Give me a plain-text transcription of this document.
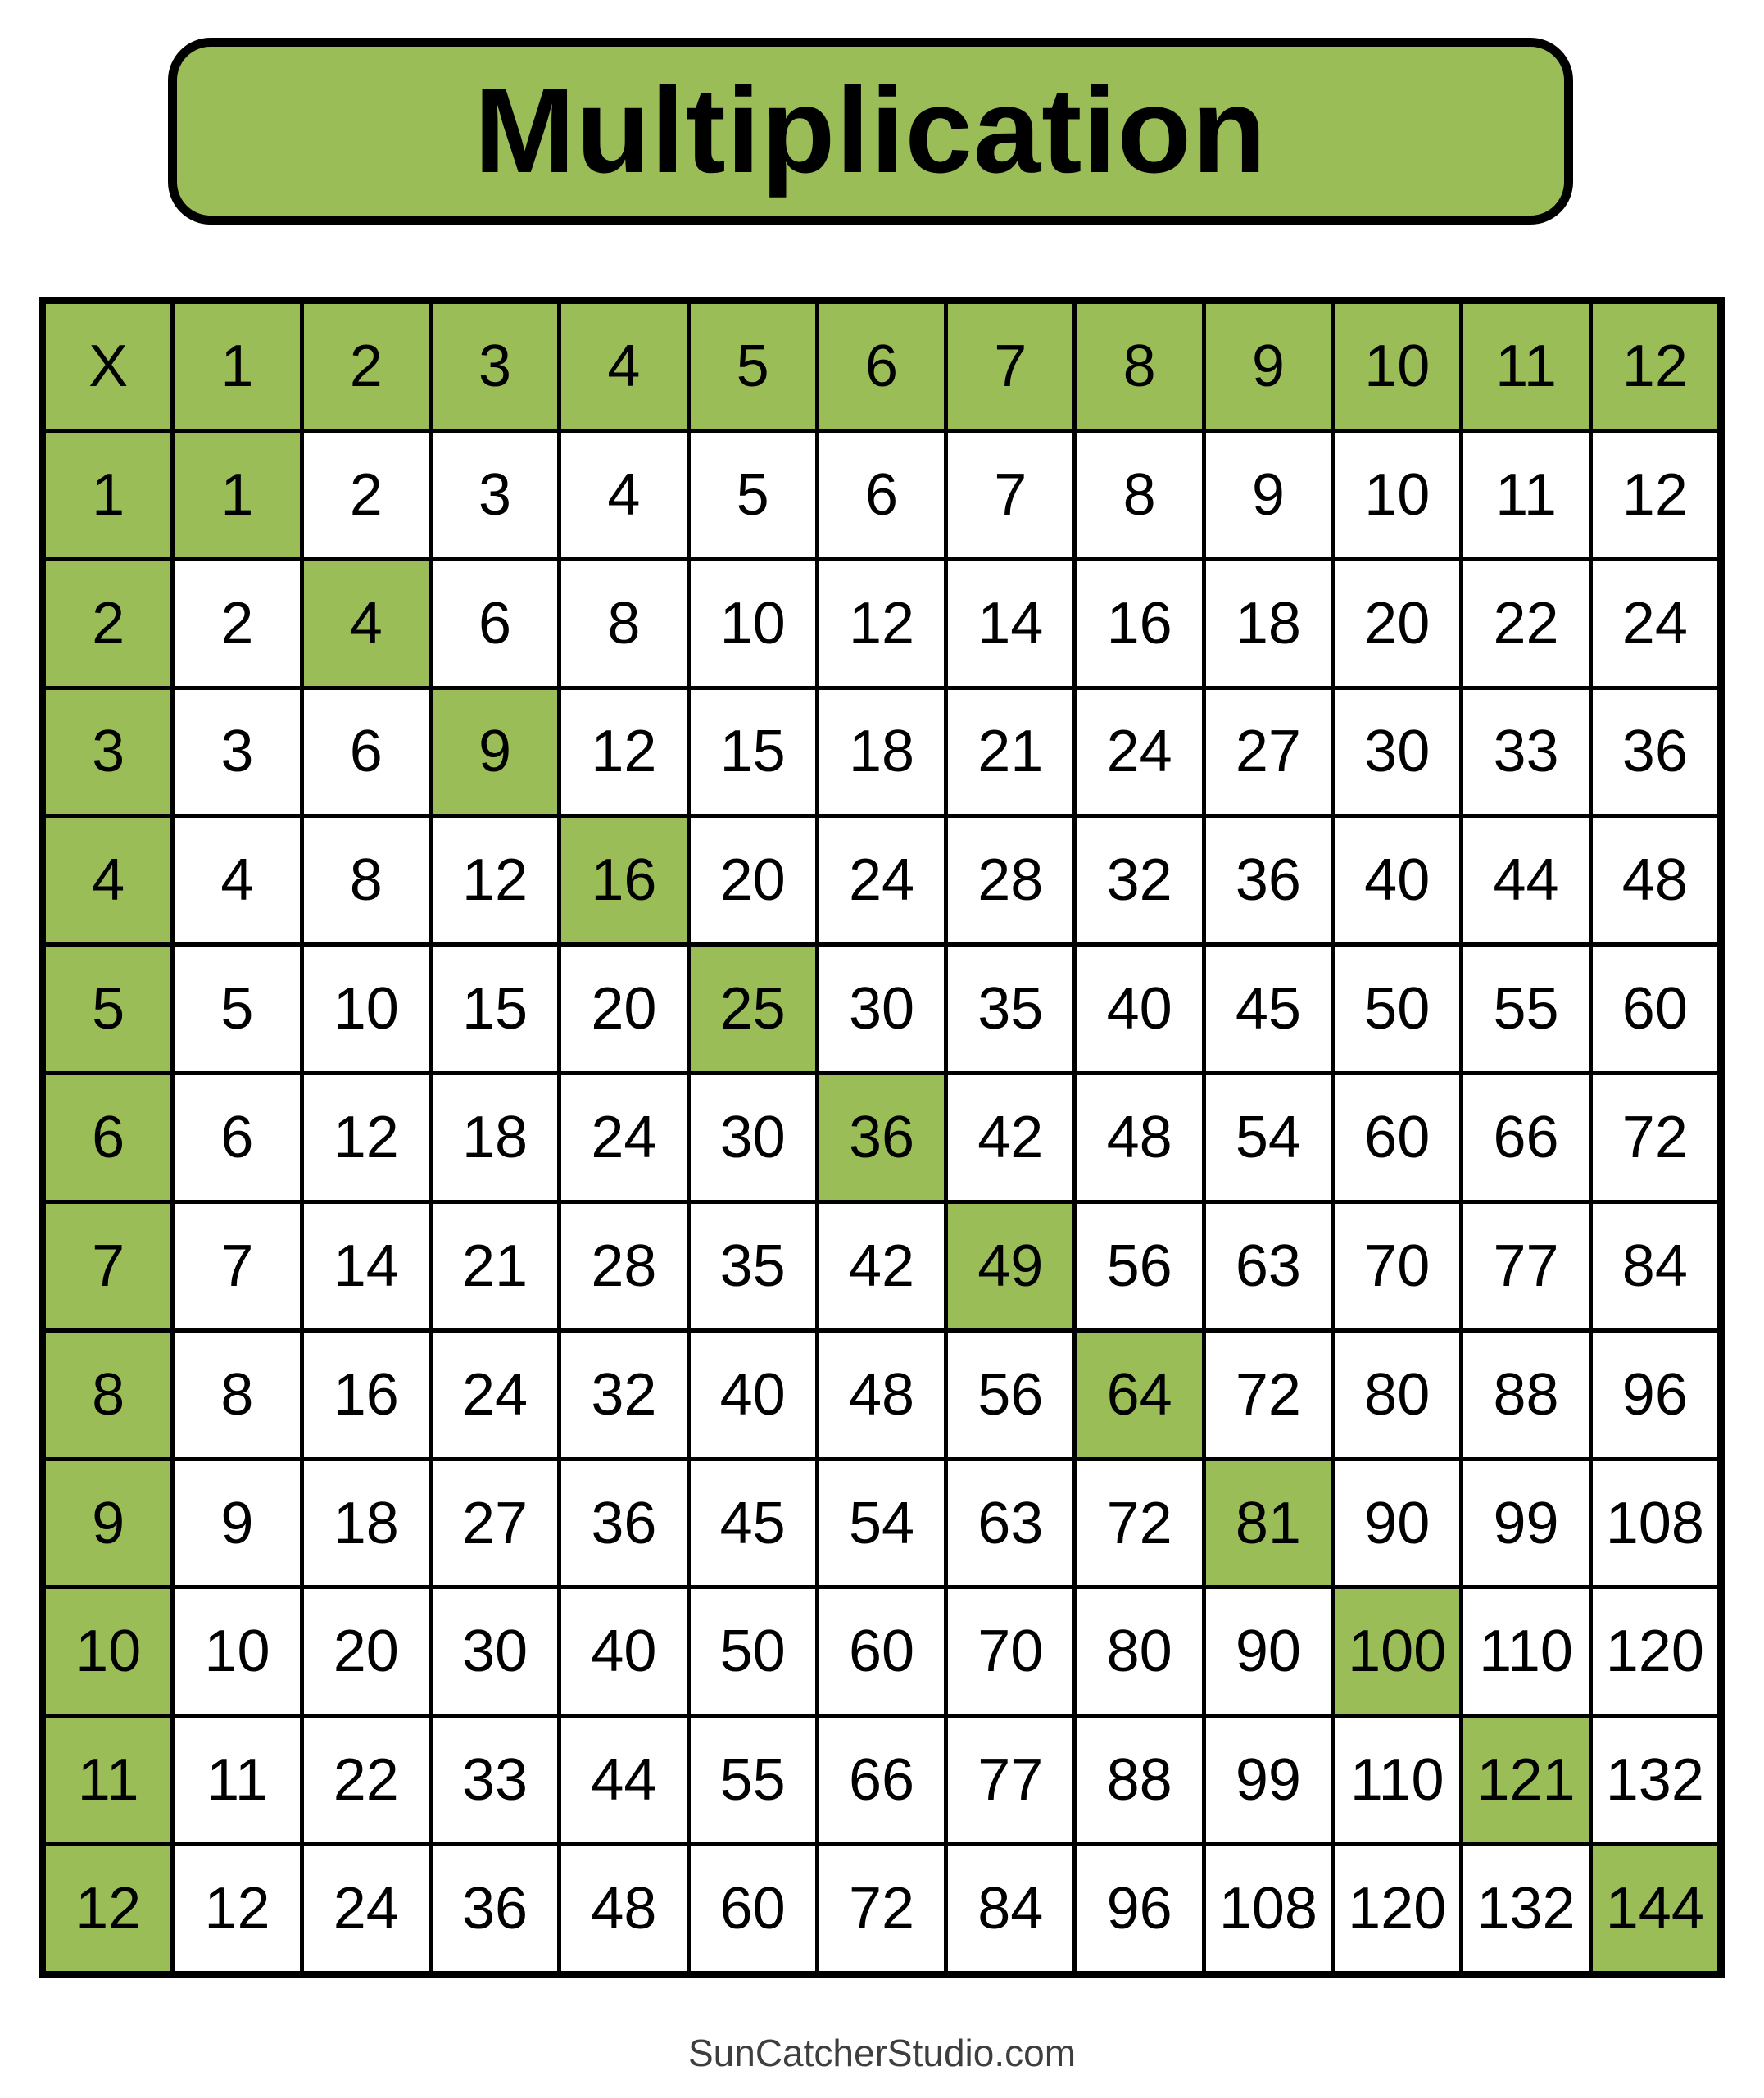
Multiplication
X	1	2	3	4	5	6	7	8	9	10	11	12
1	1	2	3	4	5	6	7	8	9	10	11	12
2	2	4	6	8	10	12	14	16	18	20	22	24
3	3	6	9	12	15	18	21	24	27	30	33	36
4	4	8	12	16	20	24	28	32	36	40	44	48
5	5	10	15	20	25	30	35	40	45	50	55	60
6	6	12	18	24	30	36	42	48	54	60	66	72
7	7	14	21	28	35	42	49	56	63	70	77	84
8	8	16	24	32	40	48	56	64	72	80	88	96
9	9	18	27	36	45	54	63	72	81	90	99 108
10	10	20	30	40	50	60	70	80	90 100 110 120
11	11	22	33	44	55	66	77	88	99 110 121 132
12	12	24	36	48	60	72	84	96 108 120 132 144
SunCatcherStudio.com
